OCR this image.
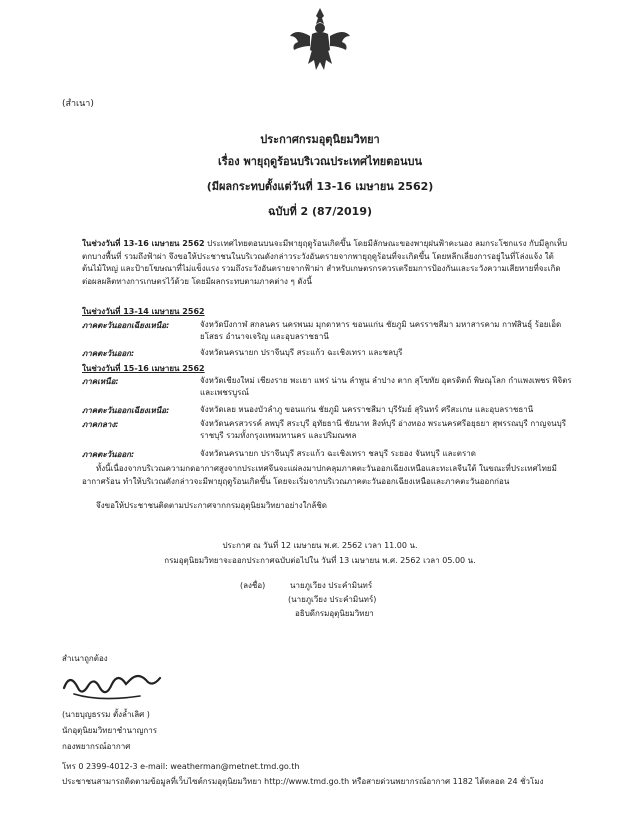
(สำเนา)
ประกาศกรมอุตุนิยมวิทยา
เรื่อง พายุฤดูร้อนบริเวณประเทศไทยตอนบน
(มีผลกระทบตั้งแต่วันที่ 13-16 เมษายน 2562)
ฉบับที่ 2 (87/2019)
ในช่วงวันที่ 13-16 เมษายน 2562 ประเทศไทยตอนบนจะมีพายุฤดูร้อนเกิดขึ้น โดยมีลักษณะของพายุฝนฟ้าคะนอง ลมกระโชกแรง กับมีลูกเห็บตกบางพื้นที่ รวมถึงฟ้าผ่า จึงขอให้ประชาชนในบริเวณดังกล่าวระวังอันตรายจากพายุฤดูร้อนที่จะเกิดขึ้น โดยหลีกเลี่ยงการอยู่ในที่โล่งแจ้ง ใต้ต้นไม้ใหญ่ และป้ายโฆษณาที่ไม่แข็งแรง รวมถึงระวังอันตรายจากฟ้าผ่า สำหรับเกษตรกรควรเตรียมการป้องกันและระวังความเสียหายที่จะเกิดต่อผลผลิตทางการเกษตรไว้ด้วย โดยมีผลกระทบตามภาคต่าง ๆ ดังนี้
ในช่วงวันที่ 13-14 เมษายน 2562
ภาคตะวันออกเฉียงเหนือ:	จังหวัดบึงกาฬ สกลนคร นครพนม มุกดาหาร ขอนแก่น ชัยภูมิ นครราชสีมา มหาสารคาม กาฬสินธุ์ ร้อยเอ็ด ยโสธร อำนาจเจริญ และอุบลราชธานี
ภาคตะวันออก:	จังหวัดนครนายก ปราจีนบุรี สระแก้ว ฉะเชิงเทรา และชลบุรี
ในช่วงวันที่ 15-16 เมษายน 2562
ภาคเหนือ:	จังหวัดเชียงใหม่ เชียงราย พะเยา แพร่ น่าน ลำพูน ลำปาง ตาก สุโขทัย อุตรดิตถ์ พิษณุโลก กำแพงเพชร พิจิตร และเพชรบูรณ์
ภาคตะวันออกเฉียงเหนือ:	จังหวัดเลย หนองบัวลำภู ขอนแก่น ชัยภูมิ นครราชสีมา บุรีรัมย์ สุรินทร์ ศรีสะเกษ และอุบลราชธานี
ภาคกลาง:	จังหวัดนครสวรรค์ ลพบุรี สระบุรี อุทัยธานี ชัยนาท สิงห์บุรี อ่างทอง พระนครศรีอยุธยา สุพรรณบุรี กาญจนบุรี ราชบุรี รวมทั้งกรุงเทพมหานคร และปริมณฑล
ภาคตะวันออก:	จังหวัดนครนายก ปราจีนบุรี สระแก้ว ฉะเชิงเทรา ชลบุรี ระยอง จันทบุรี และตราด
ทั้งนี้เนื่องจากบริเวณความกดอากาศสูงจากประเทศจีนจะแผ่ลงมาปกคลุมภาคตะวันออกเฉียงเหนือและทะเลจีนใต้ ในขณะที่ประเทศไทยมีอากาศร้อน ทำให้บริเวณดังกล่าวจะมีพายุฤดูร้อนเกิดขึ้น โดยจะเริ่มจากบริเวณภาคตะวันออกเฉียงเหนือและภาคตะวันออกก่อน
จึงขอให้ประชาชนติดตามประกาศจากกรมอุตุนิยมวิทยาอย่างใกล้ชิด
ประกาศ ณ วันที่ 12 เมษายน พ.ศ. 2562 เวลา 11.00 น.
กรมอุตุนิยมวิทยาจะออกประกาศฉบับต่อไปใน วันที่ 13 เมษายน พ.ศ. 2562 เวลา 05.00 น.
(ลงชื่อ)	นายภูเวียง ประคำมินทร์
(นายภูเวียง ประคำมินทร์)
อธิบดีกรมอุตุนิยมวิทยา
สำเนาถูกต้อง
(นายบุญธรรม ตั้งล้ำเลิศ )
นักอุตุนิยมวิทยาชำนาญการ
กองพยากรณ์อากาศ
โทร 0 2399-4012-3 e-mail: weatherman@metnet.tmd.go.th
ประชาชนสามารถติดตามข้อมูลที่เว็บไซต์กรมอุตุนิยมวิทยา http://www.tmd.go.th หรือสายด่วนพยากรณ์อากาศ 1182 ได้ตลอด 24 ชั่วโมง
